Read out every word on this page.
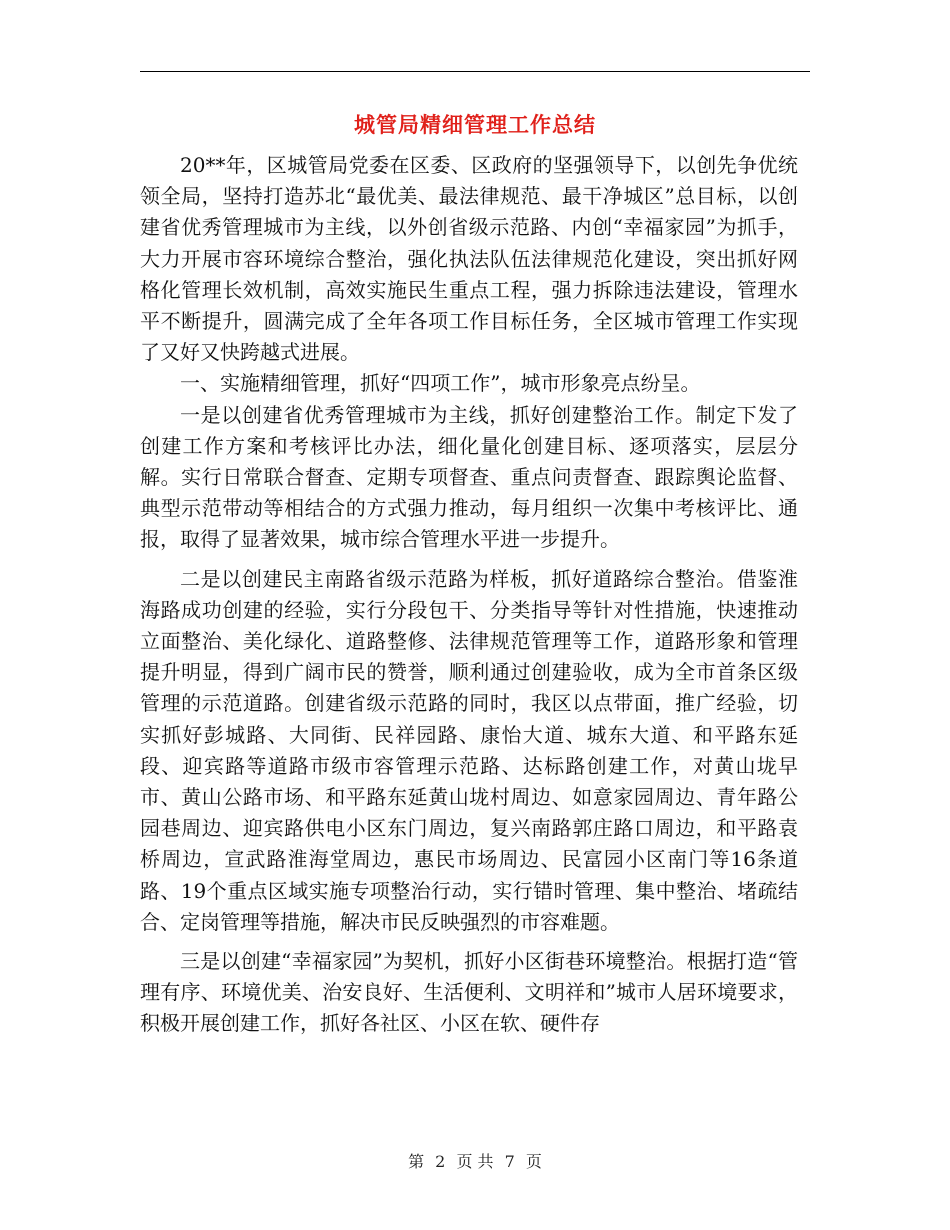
城管局精细管理工作总结

20**年，区城管局党委在区委、区政府的坚强领导下，以创先争优统领全局，坚持打造苏北“最优美、最法律规范、最干净城区”总目标，以创建省优秀管理城市为主线，以外创省级示范路、内创“幸福家园”为抓手，大力开展市容环境综合整治，强化执法队伍法律规范化建设，突出抓好网格化管理长效机制，高效实施民生重点工程，强力拆除违法建设，管理水平不断提升，圆满完成了全年各项工作目标任务，全区城市管理工作实现了又好又快跨越式进展。

一、实施精细管理，抓好“四项工作”，城市形象亮点纷呈。

一是以创建省优秀管理城市为主线，抓好创建整治工作。制定下发了创建工作方案和考核评比办法，细化量化创建目标、逐项落实，层层分解。实行日常联合督查、定期专项督查、重点问责督查、跟踪舆论监督、典型示范带动等相结合的方式强力推动，每月组织一次集中考核评比、通报，取得了显著效果，城市综合管理水平进一步提升。

二是以创建民主南路省级示范路为样板，抓好道路综合整治。借鉴淮海路成功创建的经验，实行分段包干、分类指导等针对性措施，快速推动立面整治、美化绿化、道路整修、法律规范管理等工作，道路形象和管理提升明显，得到广阔市民的赞誉，顺利通过创建验收，成为全市首条区级管理的示范道路。创建省级示范路的同时，我区以点带面，推广经验，切实抓好彭城路、大同街、民祥园路、康怡大道、城东大道、和平路东延段、迎宾路等道路市级市容管理示范路、达标路创建工作，对黄山垅早市、黄山公路市场、和平路东延黄山垅村周边、如意家园周边、青年路公园巷周边、迎宾路供电小区东门周边，复兴南路郭庄路口周边，和平路袁桥周边，宣武路淮海堂周边，惠民市场周边、民富园小区南门等16条道路、19个重点区域实施专项整治行动，实行错时管理、集中整治、堵疏结合、定岗管理等措施，解决市民反映强烈的市容难题。

三是以创建“幸福家园”为契机，抓好小区街巷环境整治。根据打造“管理有序、环境优美、治安良好、生活便利、文明祥和”城市人居环境要求，积极开展创建工作，抓好各社区、小区在软、硬件存

第 2 页 共 7 页
